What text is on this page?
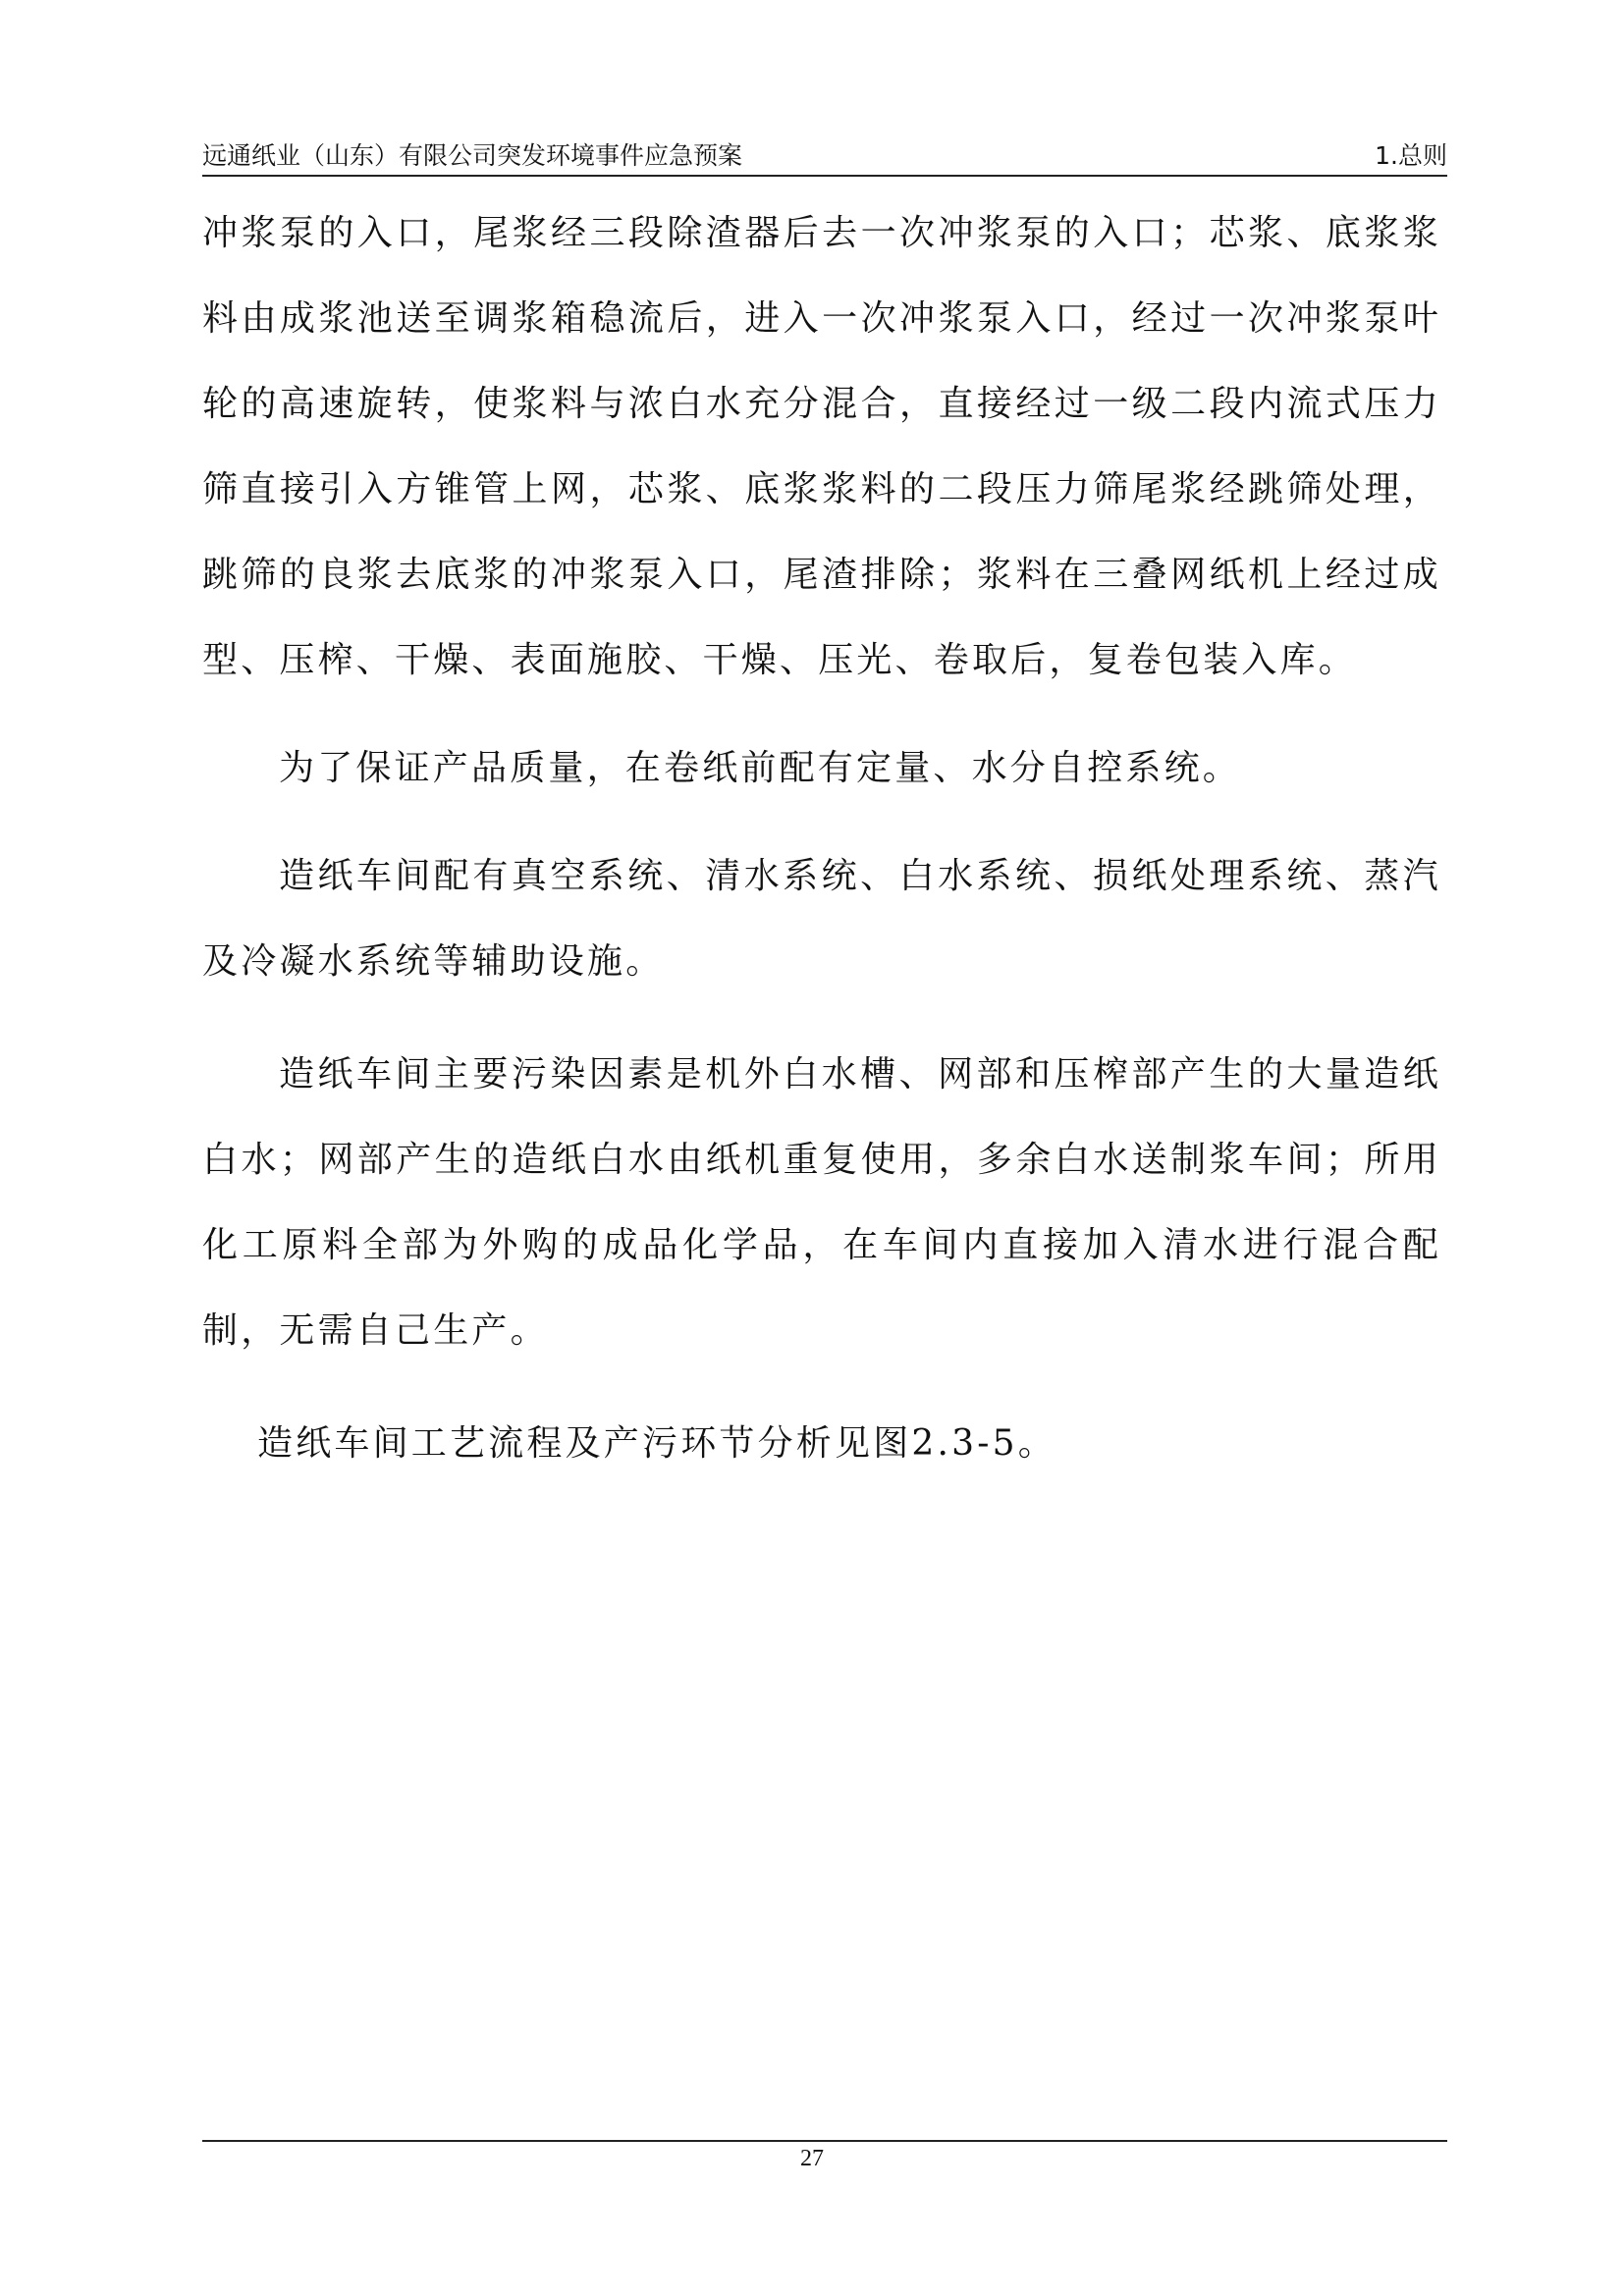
远通纸业（山东）有限公司突发环境事件应急预案	1.总则

冲浆泵的入口，尾浆经三段除渣器后去一次冲浆泵的入口；芯浆、底浆浆料由成浆池送至调浆箱稳流后，进入一次冲浆泵入口，经过一次冲浆泵叶轮的高速旋转，使浆料与浓白水充分混合，直接经过一级二段内流式压力筛直接引入方锥管上网，芯浆、底浆浆料的二段压力筛尾浆经跳筛处理，跳筛的良浆去底浆的冲浆泵入口，尾渣排除；浆料在三叠网纸机上经过成型、压榨、干燥、表面施胶、干燥、压光、卷取后，复卷包装入库。

为了保证产品质量，在卷纸前配有定量、水分自控系统。

造纸车间配有真空系统、清水系统、白水系统、损纸处理系统、蒸汽及冷凝水系统等辅助设施。

造纸车间主要污染因素是机外白水槽、网部和压榨部产生的大量造纸白水；网部产生的造纸白水由纸机重复使用，多余白水送制浆车间；所用化工原料全部为外购的成品化学品，在车间内直接加入清水进行混合配制，无需自己生产。

造纸车间工艺流程及产污环节分析见图2.3-5。

27
